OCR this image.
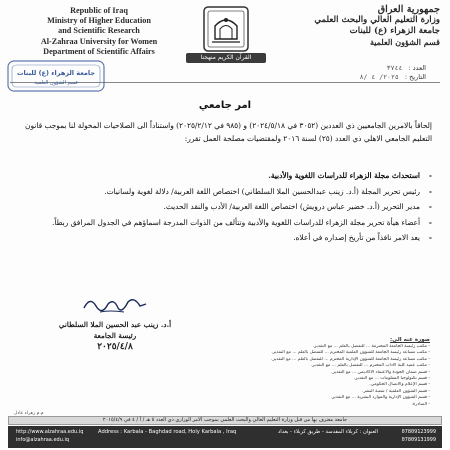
Republic of Iraq
Ministry of Higher Education
and Scientific Research
Al-Zahraa University for Women
Department of Scientific Affairs
القرآن الكريم منهجنا
جمهورية العراق
وزارة التعليم العالي والبحث العلمي
جامعة الزهراء (ع) للبنات
قسم الشؤون العلمية
العدد : ٣٧٤٤
التاريخ : ٢٠٢٥/ ٤ /٨
جامعة الزهراء (ع) للبنات
قسم الشؤون العلمية
امر جامعي
إلحاقاً بالامرين الجامعيين ذي العددين (٣٠٥٢ في ٢٠٢٤/٥/١٨) و (٩٨٥ في ٢٠٢٥/٢/١٢) واستناداً الى الصلاحيات المخولة لنا بموجب قانون التعليم الجامعي الاهلي ذي العدد (٢٥) لسنة ٢٠١٦ ولمقتضيات مصلحة العمل تقرر:
- استحداث مجلة الزهراء للدراسات اللغوية والأدبية.
- رئيس تحرير المجلة (أ.د. زينب عبدالحسين الملا السلطاني) اختصاص اللغة العربية/ دلالة لغوية ولسانيات.
- مدير التحرير (أ.د. خضير عباس درويش) اختصاص اللغة العربية/ الأدب والنقد الحديث.
- أعضاء هيأة تحرير مجلة الزهراء للدراسات اللغوية والأدبية وتتألف من الذوات المدرجة اسماؤهم في الجدول المرافق ربطاً.
- يعد الامر نافذاً من تأريخ إصداره في أعلاه.
أ.د. زينب عبد الحسين الملا السلطاني
رئيسة الجامعة
٢٠٢٥/٤/٨
صورة عنه الى:
- مكتب رئيسة الجامعة المحترمة ... للتفضل بالعلم ... مع التقدير.
- مكتب مساعد رئيسة الجامعة للشؤون العلمية المحترم ... للتفضل بالعلم ... مع التقدير.
- مكتب مساعد رئيسة الجامعة للشؤون الإدارية المحترم ... للتفضل بالعلم ... مع التقدير.
- مكتب عميد كلية الآداب المحترم ... للتفضل بالعلم ... مع التقدير.
- قسم ضمان الجودة والاعتماد الأكاديمي ... مع التقدير.
- قسم تكنولوجيا المعلومات ... مع التقدير.
- قسم الإعلام والاتصال الحكومي.
- قسم الشؤون العلمية / شعبة النشر.
- قسم الشؤون الإدارية والموارد البشرية ... مع التقدير.
- الصادرة.
م.م زهراء عادل
جامعة معترف بها من قبل وزارة التعليم العالي والبحث العلمي بموجب الامر الوزاري ذي العدد ٥ هـ / أ / ٤ في ٢٠١٥/٤/٩
http://www.alzahraa.edu.iq
info@alzahraa.edu.iq
Address : Karbala - Baghdad road, Holy Karbala , Iraq	العنوان : كربلاء المقدسة - طريق كربلاء - بغداد	07809123999
07809131999
